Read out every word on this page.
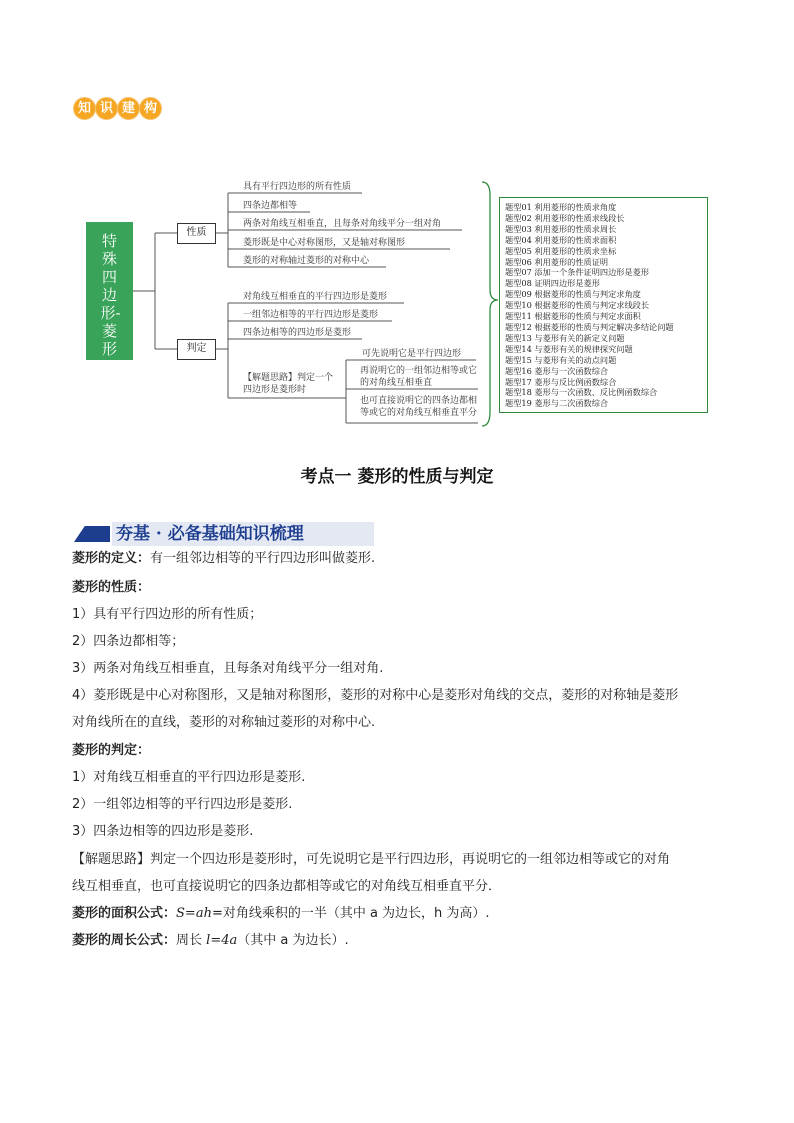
知 识 建 构
特殊四边形-菱形
性质
判定
具有平行四边形的所有性质
四条边都相等
两条对角线互相垂直，且每条对角线平分一组对角
菱形既是中心对称图形，又是轴对称图形
菱形的对称轴过菱形的对称中心
对角线互相垂直的平行四边形是菱形
一组邻边相等的平行四边形是菱形
四条边相等的四边形是菱形
【解题思路】判定一个四边形是菱形时
可先说明它是平行四边形
再说明它的一组邻边相等或它的对角线互相垂直
也可直接说明它的四条边都相等或它的对角线互相垂直平分
题型01 利用菱形的性质求角度
题型02 利用菱形的性质求线段长
题型03 利用菱形的性质求周长
题型04 利用菱形的性质求面积
题型05 利用菱形的性质求坐标
题型06 利用菱形的性质证明
题型07 添加一个条件证明四边形是菱形
题型08 证明四边形是菱形
题型09 根据菱形的性质与判定求角度
题型10 根据菱形的性质与判定求线段长
题型11 根据菱形的性质与判定求面积
题型12 根据菱形的性质与判定解决多结论问题
题型13 与菱形有关的新定义问题
题型14 与菱形有关的规律探究问题
题型15 与菱形有关的动点问题
题型16 菱形与一次函数综合
题型17 菱形与反比例函数综合
题型18 菱形与一次函数、反比例函数综合
题型19 菱形与二次函数综合
考点一 菱形的性质与判定
夯基 · 必备基础知识梳理
菱形的定义：有一组邻边相等的平行四边形叫做菱形.
菱形的性质：
1）具有平行四边形的所有性质；
2）四条边都相等；
3）两条对角线互相垂直，且每条对角线平分一组对角.
4）菱形既是中心对称图形，又是轴对称图形，菱形的对称中心是菱形对角线的交点，菱形的对称轴是菱形
对角线所在的直线，菱形的对称轴过菱形的对称中心.
菱形的判定：
1）对角线互相垂直的平行四边形是菱形.
2）一组邻边相等的平行四边形是菱形.
3）四条边相等的四边形是菱形.
【解题思路】判定一个四边形是菱形时，可先说明它是平行四边形，再说明它的一组邻边相等或它的对角
线互相垂直，也可直接说明它的四条边都相等或它的对角线互相垂直平分．
菱形的面积公式：S=ah=对角线乘积的一半（其中 a 为边长，h 为高）.
菱形的周长公式：周长 l=4a（其中 a 为边长）.
